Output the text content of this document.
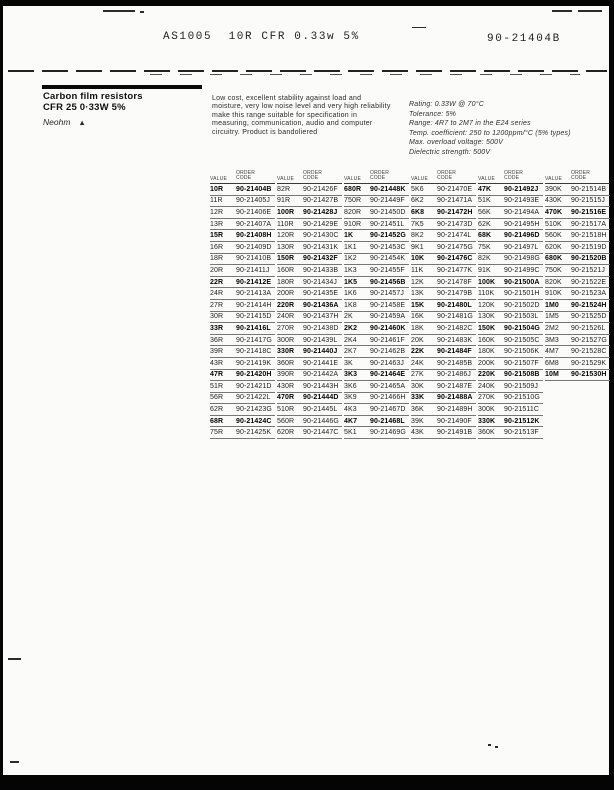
AS1005  10R CFR 0.33w 5%	90-21404B
Carbon film resistors
CFR 25 0·33W 5%
Neohm ▲
Low cost, excellent stability against load and moisture, very low noise level and very high reliability make this range suitable for specification in measuring, communication, audio and computer circuitry. Product is bandoliered
Rating: 0.33W @ 70°C
Tolerance: 5%
Range: 4R7 to 2M7 in the E24 series
Temp. coefficient: 250 to 1200ppm/°C (5% types)
Max. overload voltage: 500V
Dielectric strength: 500V
VALUE
ORDER
CODE
10R	90-21404B
11R	90-21405J
12R	90-21406E
13R	90-21407A
15R	90-21408H
16R	90-21409D
18R	90-21410B
20R	90-21411J
22R	90-21412E
24R	90-21413A
27R	90-21414H
30R	90-21415D
33R	90-21416L
36R	90-21417G
39R	90-21418C
43R	90-21419K
47R	90-21420H
51R	90-21421D
56R	90-21422L
62R	90-21423G
68R	90-21424C
75R	90-21425K
VALUE
ORDER
CODE
82R	90-21426F
91R	90-21427B
100R	90-21428J
110R	90-21429E
120R	90-21430C
130R	90-21431K
150R	90-21432F
160R	90-21433B
180R	90-21434J
200R	90-21435E
220R	90-21436A
240R	90-21437H
270R	90-21438D
300R	90-21439L
330R	90-21440J
360R	90-21441E
390R	90-21442A
430R	90-21443H
470R	90-21444D
510R	90-21445L
560R	90-21446G
620R	90-21447C
VALUE
ORDER
CODE
680R	90-21448K
750R	90-21449F
820R	90-21450D
910R	90-21451L
1K	90-21452G
1K1	90-21453C
1K2	90-21454K
1K3	90-21455F
1K5	90-21456B
1K6	90-21457J
1K8	90-21458E
2K	90-21459A
2K2	90-21460K
2K4	90-21461F
2K7	90-21462B
3K	90-21463J
3K3	90-21464E
3K6	90-21465A
3K9	90-21466H
4K3	90-21467D
4K7	90-21468L
5K1	90-21469G
VALUE
ORDER
CODE
5K6	90-21470E
6K2	90-21471A
6K8	90-21472H
7K5	90-21473D
8K2	90-21474L
9K1	90-21475G
10K	90-21476C
11K	90-21477K
12K	90-21478F
13K	90-21479B
15K	90-21480L
16K	90-21481G
18K	90-21482C
20K	90-21483K
22K	90-21484F
24K	90-21485B
27K	90-21486J
30K	90-21487E
33K	90-21488A
36K	90-21489H
39K	90-21490F
43K	90-21491B
VALUE
ORDER
CODE
47K	90-21492J
51K	90-21493E
56K	90-21494A
62K	90-21495H
68K	90-21496D
75K	90-21497L
82K	90-21498G
91K	90-21499C
100K	90-21500A
110K	90-21501H
120K	90-21502D
130K	90-21503L
150K	90-21504G
160K	90-21505C
180K	90-21506K
200K	90-21507F
220K	90-21508B
240K	90-21509J
270K	90-21510G
300K	90-21511C
330K	90-21512K
360K	90-21513F
VALUE
ORDER
CODE
390K	90-21514B
430K	90-21515J
470K	90-21516E
510K	90-21517A
560K	90-21518H
620K	90-21519D
680K	90-21520B
750K	90-21521J
820K	90-21522E
910K	90-21523A
1M0	90-21524H
1M5	90-21525D
2M2	90-21526L
3M3	90-21527G
4M7	90-21528C
6M8	90-21529K
10M	90-21530H
